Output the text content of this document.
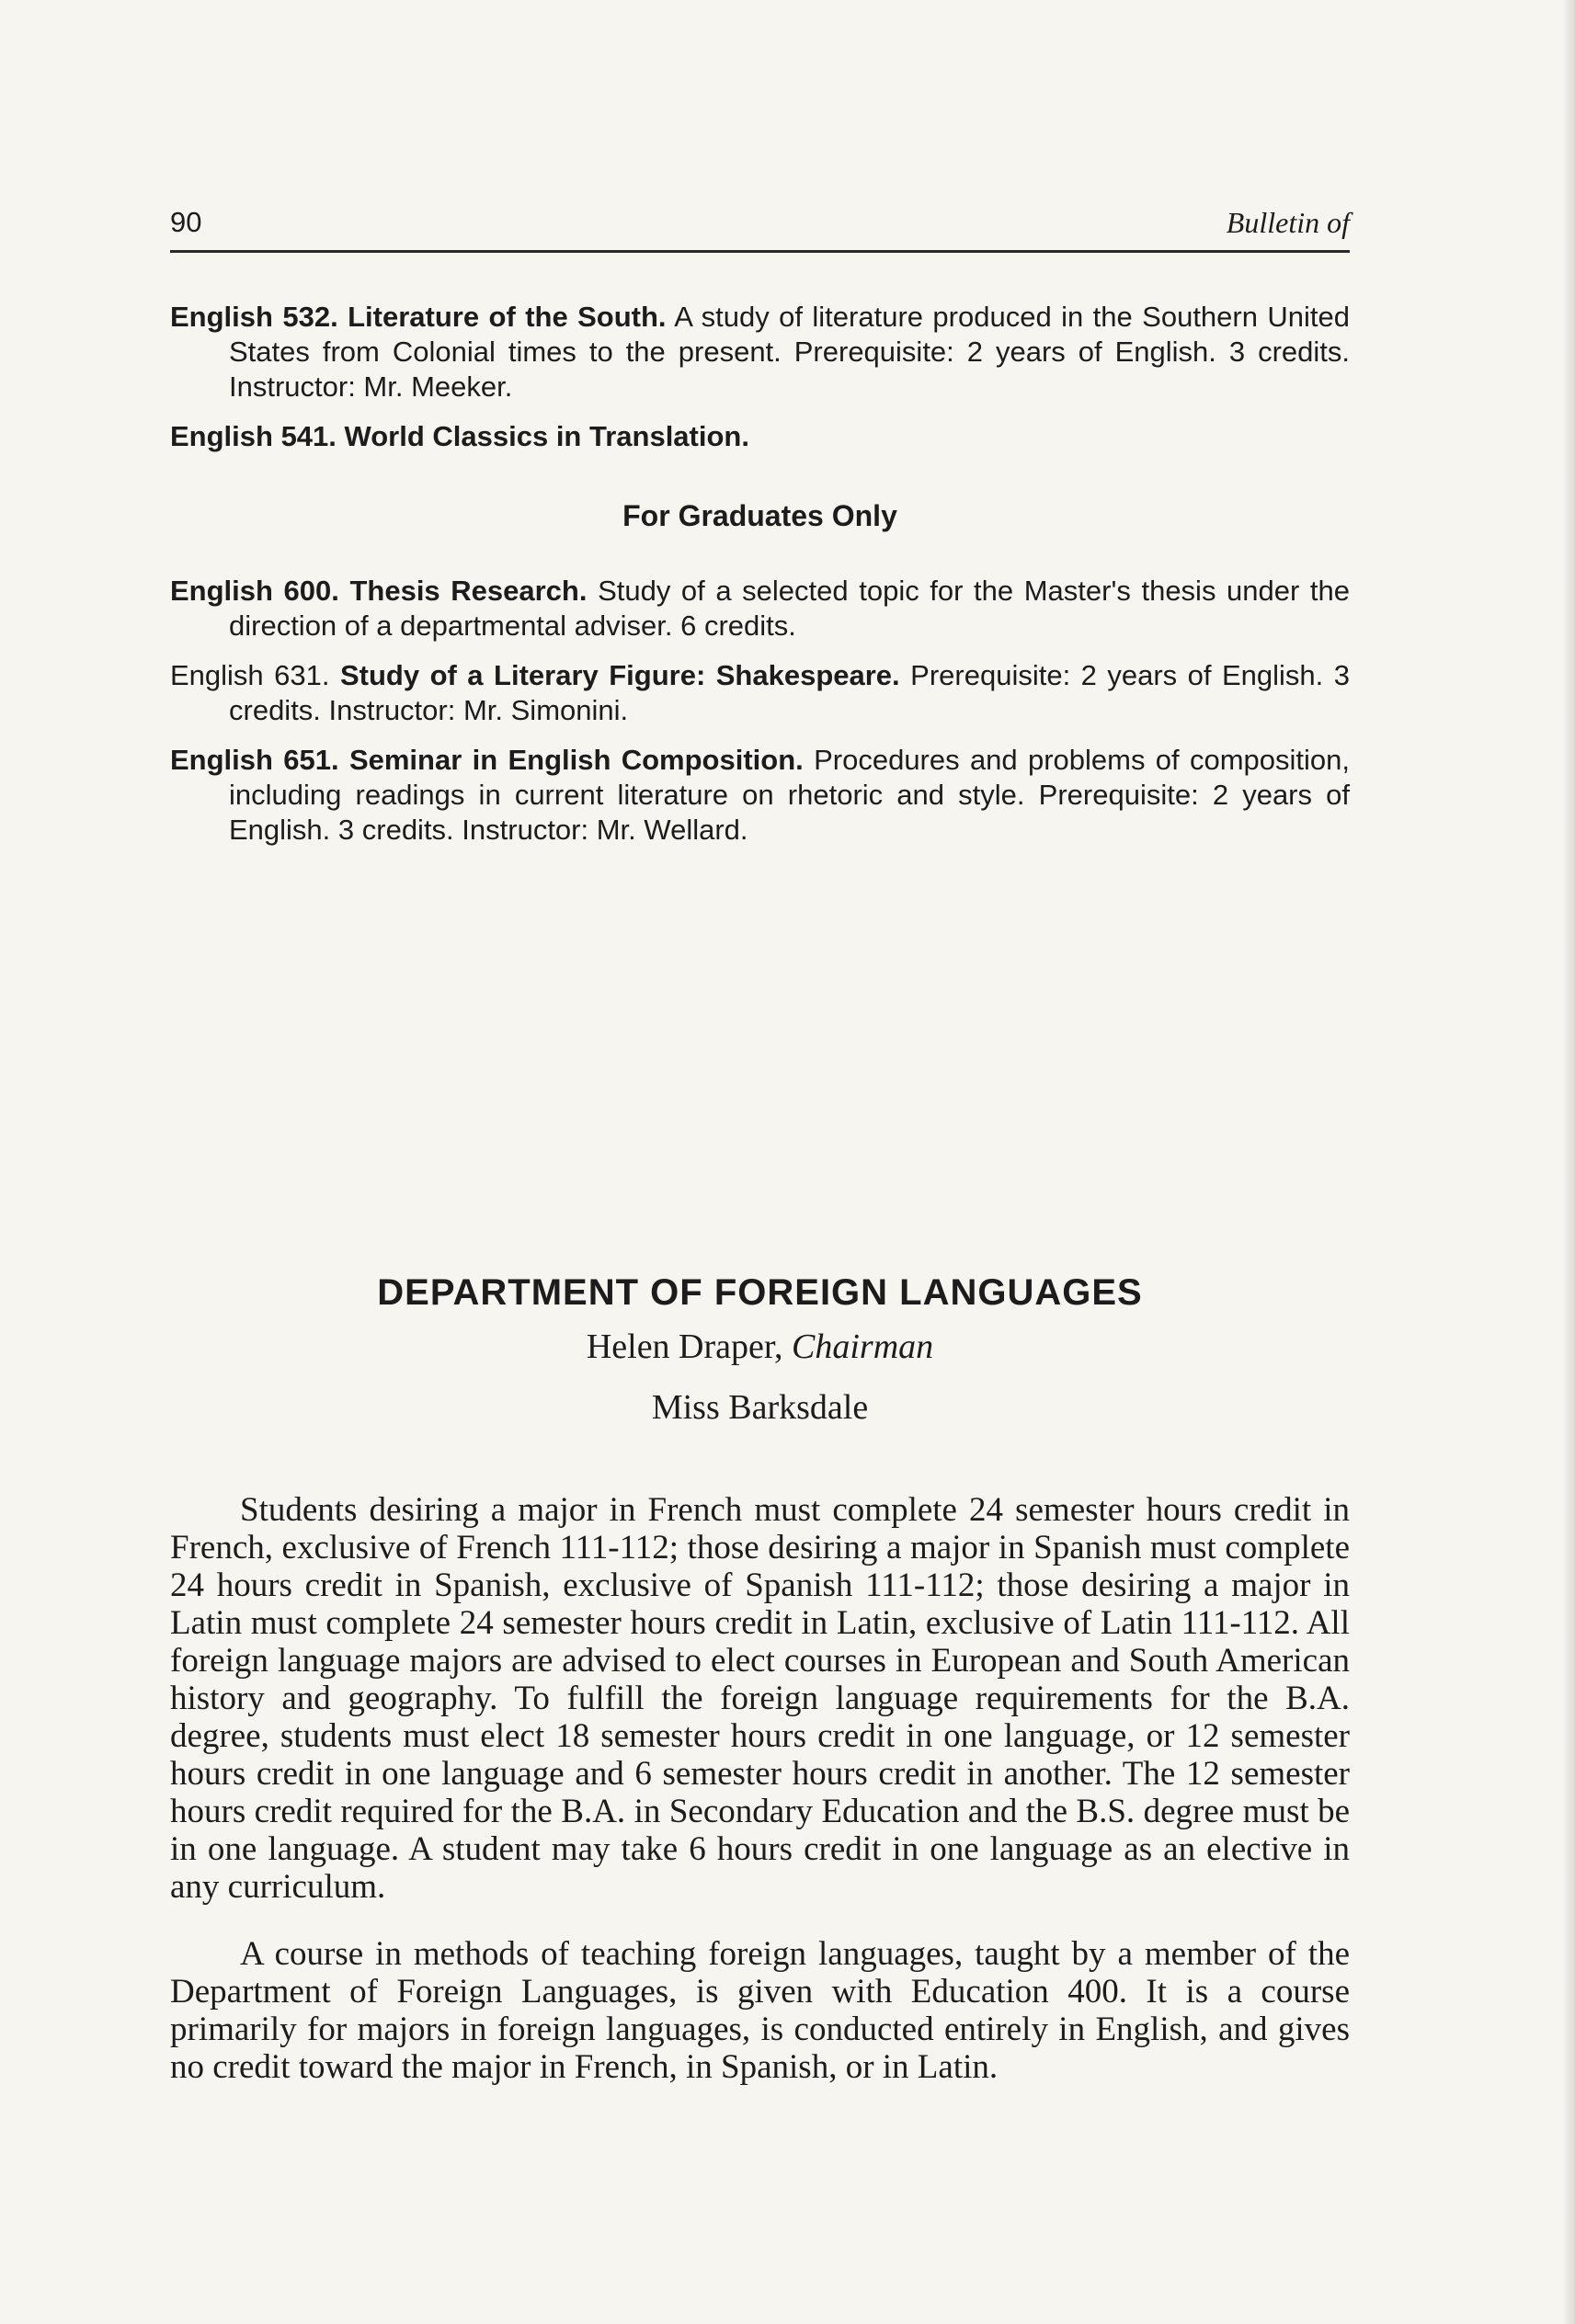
90	Bulletin of

English 532. Literature of the South. A study of literature produced in the Southern United States from Colonial times to the present. Prerequisite: 2 years of English. 3 credits. Instructor: Mr. Meeker.

English 541. World Classics in Translation.

For Graduates Only

English 600. Thesis Research. Study of a selected topic for the Master's thesis under the direction of a departmental adviser. 6 credits.

English 631. Study of a Literary Figure: Shakespeare. Prerequisite: 2 years of English. 3 credits. Instructor: Mr. Simonini.

English 651. Seminar in English Composition. Procedures and problems of composition, including readings in current literature on rhetoric and style. Prerequisite: 2 years of English. 3 credits. Instructor: Mr. Wellard.

DEPARTMENT OF FOREIGN LANGUAGES
Helen Draper, Chairman
Miss Barksdale

Students desiring a major in French must complete 24 semester hours credit in French, exclusive of French 111-112; those desiring a major in Spanish must complete 24 hours credit in Spanish, exclusive of Spanish 111-112; those desiring a major in Latin must complete 24 semester hours credit in Latin, exclusive of Latin 111-112. All foreign language majors are advised to elect courses in European and South American history and geography. To fulfill the foreign language requirements for the B.A. degree, students must elect 18 semester hours credit in one language, or 12 semester hours credit in one language and 6 semester hours credit in another. The 12 semester hours credit required for the B.A. in Secondary Education and the B.S. degree must be in one language. A student may take 6 hours credit in one language as an elective in any curriculum.

A course in methods of teaching foreign languages, taught by a member of the Department of Foreign Languages, is given with Education 400. It is a course primarily for majors in foreign languages, is conducted entirely in English, and gives no credit toward the major in French, in Spanish, or in Latin.
